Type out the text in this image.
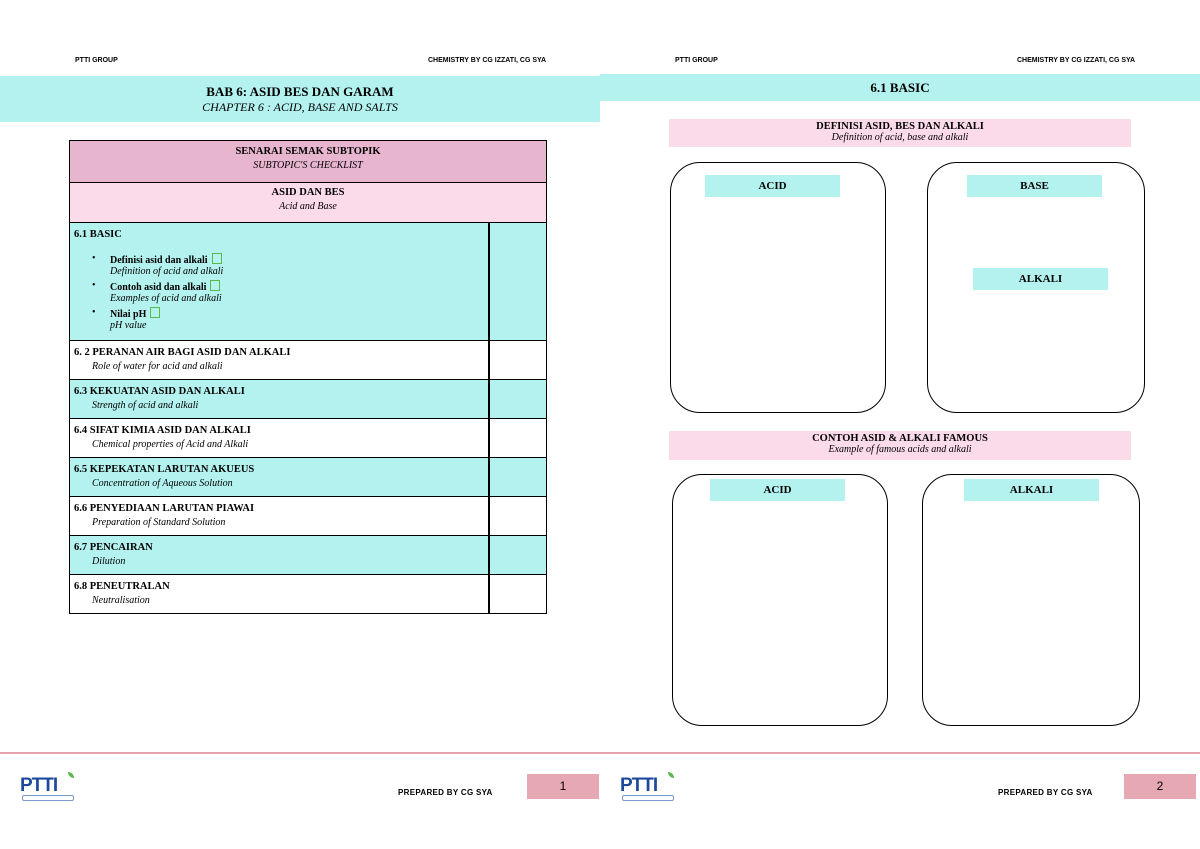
PTTI GROUP	CHEMISTRY BY CG IZZATI, CG SYA
BAB 6: ASID BES DAN GARAM
CHAPTER 6 : ACID, BASE AND SALTS
SENARAI SEMAK SUBTOPIK
SUBTOPIC'S CHECKLIST
ASID DAN BES
Acid and Base
6.1 BASIC
• Definisi asid dan alkali
Definition of acid and alkali
• Contoh asid dan alkali
Examples of acid and alkali
• Nilai pH
pH value
6. 2 PERANAN AIR BAGI ASID DAN ALKALI
Role of water for acid and alkali
6.3 KEKUATAN ASID DAN ALKALI
Strength of acid and alkali
6.4 SIFAT KIMIA ASID DAN ALKALI
Chemical properties of Acid and Alkali
6.5 KEPEKATAN LARUTAN AKUEUS
Concentration of Aqueous Solution
6.6 PENYEDIAAN LARUTAN PIAWAI
Preparation of Standard Solution
6.7 PENCAIRAN
Dilution
6.8 PENEUTRALAN
Neutralisation
PTTI	PREPARED BY CG SYA	1
PTTI GROUP	CHEMISTRY BY CG IZZATI, CG SYA
6.1 BASIC
DEFINISI ASID, BES DAN ALKALI
Definition of acid, base and alkali
ACID	BASE
ALKALI
CONTOH ASID & ALKALI FAMOUS
Example of famous acids and alkali
ACID	ALKALI
PTTI	PREPARED BY CG SYA	2
